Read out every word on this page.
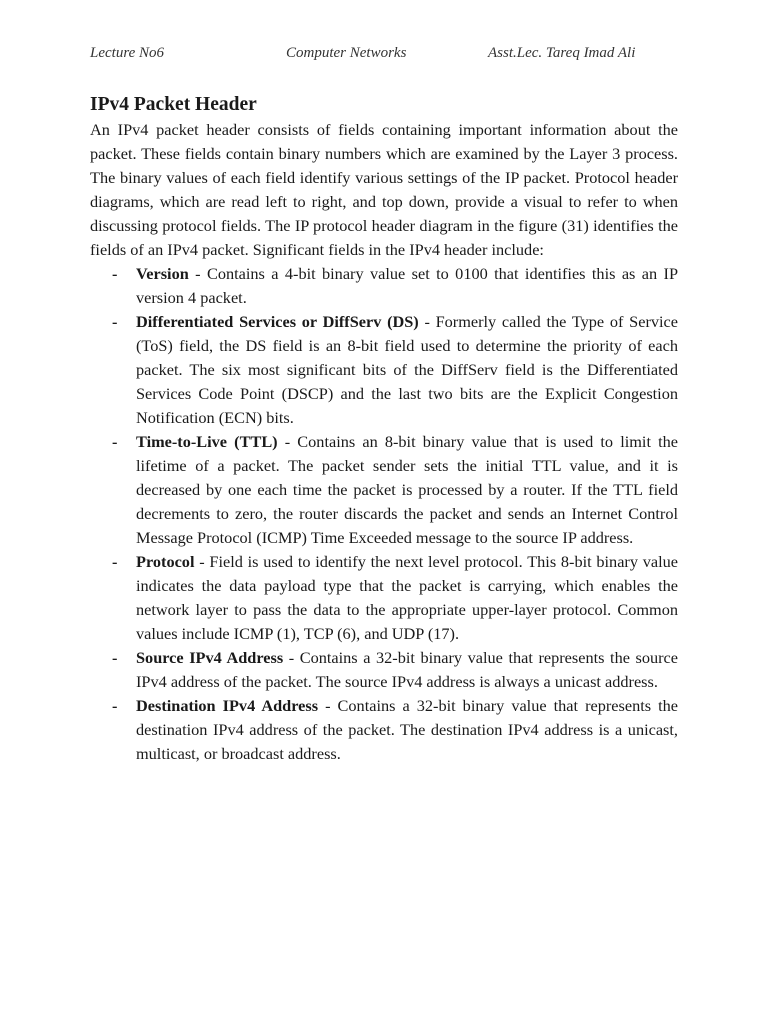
Lecture No6	Computer Networks	Asst.Lec. Tareq Imad Ali
IPv4 Packet Header

An IPv4 packet header consists of fields containing important information about the packet. These fields contain binary numbers which are examined by the Layer 3 process. The binary values of each field identify various settings of the IP packet. Protocol header diagrams, which are read left to right, and top down, provide a visual to refer to when discussing protocol fields. The IP protocol header diagram in the figure (31) identifies the fields of an IPv4 packet. Significant fields in the IPv4 header include:

- Version - Contains a 4-bit binary value set to 0100 that identifies this as an IP version 4 packet.
- Differentiated Services or DiffServ (DS) - Formerly called the Type of Service (ToS) field, the DS field is an 8-bit field used to determine the priority of each packet. The six most significant bits of the DiffServ field is the Differentiated Services Code Point (DSCP) and the last two bits are the Explicit Congestion Notification (ECN) bits.
- Time-to-Live (TTL) - Contains an 8-bit binary value that is used to limit the lifetime of a packet. The packet sender sets the initial TTL value, and it is decreased by one each time the packet is processed by a router. If the TTL field decrements to zero, the router discards the packet and sends an Internet Control Message Protocol (ICMP) Time Exceeded message to the source IP address.
- Protocol - Field is used to identify the next level protocol. This 8-bit binary value indicates the data payload type that the packet is carrying, which enables the network layer to pass the data to the appropriate upper-layer protocol. Common values include ICMP (1), TCP (6), and UDP (17).
- Source IPv4 Address - Contains a 32-bit binary value that represents the source IPv4 address of the packet. The source IPv4 address is always a unicast address.
- Destination IPv4 Address - Contains a 32-bit binary value that represents the destination IPv4 address of the packet. The destination IPv4 address is a unicast, multicast, or broadcast address.
